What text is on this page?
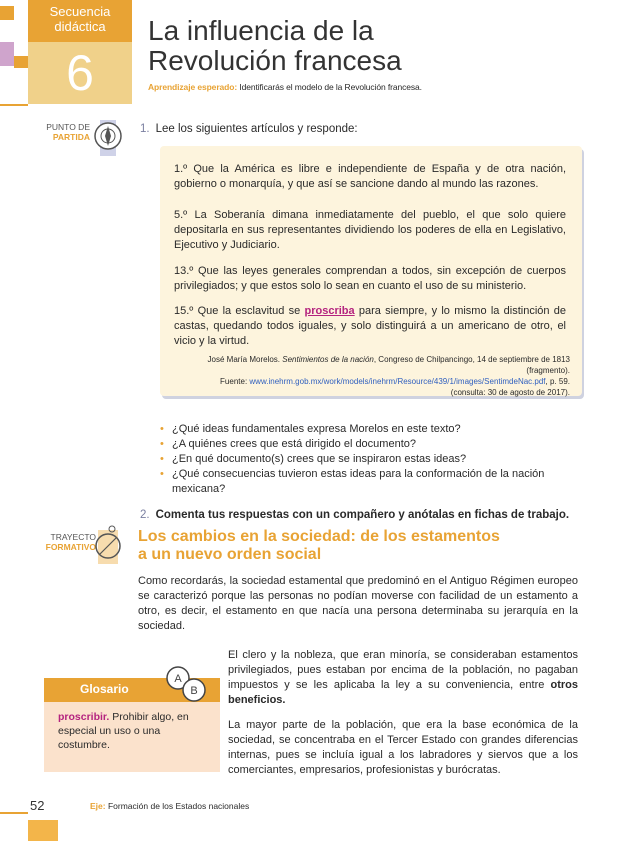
Secuencia
didáctica
6
La influencia de la
Revolución francesa
Aprendizaje esperado: Identificarás el modelo de la Revolución francesa.
PUNTO DE
PARTIDA
1. Lee los siguientes artículos y responde:
1.º Que la América es libre e independiente de España y de otra nación, gobierno o monarquía, y que así se sancione dando al mundo las razones.
5.º La Soberanía dimana inmediatamente del pueblo, el que solo quiere depositarla en sus representantes dividiendo los poderes de ella en Legislativo, Ejecutivo y Judiciario.
13.º Que las leyes generales comprendan a todos, sin excepción de cuerpos privilegiados; y que estos solo lo sean en cuanto el uso de su ministerio.
15.º Que la esclavitud se proscriba para siempre, y lo mismo la distinción de castas, quedando todos iguales, y solo distinguirá a un americano de otro, el vicio y la virtud.
José María Morelos. Sentimientos de la nación, Congreso de Chilpancingo, 14 de septiembre de 1813 (fragmento).
Fuente: www.inehrm.gob.mx/work/models/inehrm/Resource/439/1/images/SentimdeNac.pdf, p. 59.
(consulta: 30 de agosto de 2017).
• ¿Qué ideas fundamentales expresa Morelos en este texto?
• ¿A quiénes crees que está dirigido el documento?
• ¿En qué documento(s) crees que se inspiraron estas ideas?
• ¿Qué consecuencias tuvieron estas ideas para la conformación de la nación mexicana?
2. Comenta tus respuestas con un compañero y anótalas en fichas de trabajo.
TRAYECTO
FORMATIVO
Los cambios en la sociedad: de los estamentos
a un nuevo orden social
Como recordarás, la sociedad estamental que predominó en el Antiguo Régimen europeo se caracterizó porque las personas no podían moverse con facilidad de un estamento a otro, es decir, el estamento en que nacía una persona determinaba su jerarquía en la sociedad.
El clero y la nobleza, que eran minoría, se consideraban estamentos privilegiados, pues estaban por encima de la población, no pagaban impuestos y se les aplicaba la ley a su conveniencia, entre otros beneficios.
La mayor parte de la población, que era la base económica de la sociedad, se concentraba en el Tercer Estado con grandes diferencias internas, pues se incluía igual a los labradores y siervos que a los comerciantes, empresarios, profesionistas y burócratas.
Glosario
A
B
proscribir. Prohibir algo, en especial un uso o una costumbre.
52	Eje: Formación de los Estados nacionales
